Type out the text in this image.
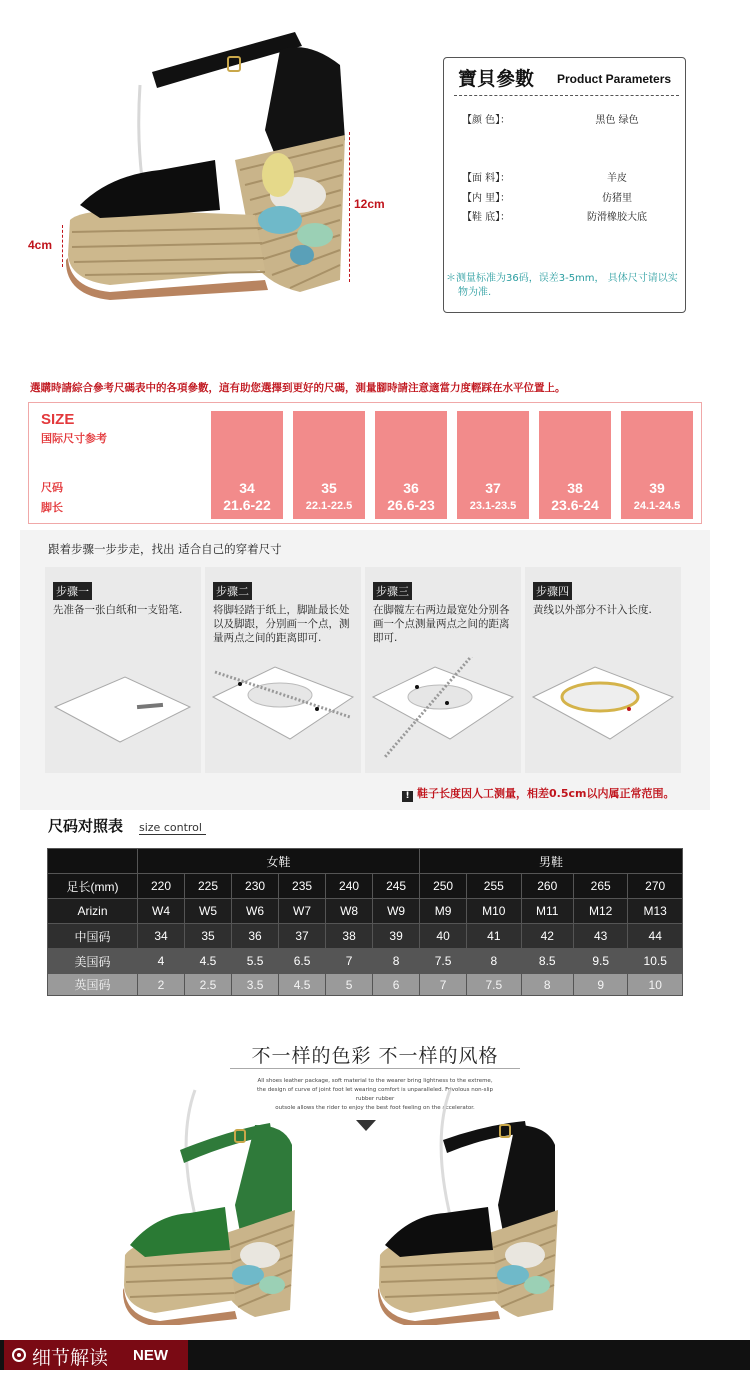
4cm
12cm
寶貝參數 Product Parameters
【颜 色】：	黑色 绿色
【面 料】：	羊皮
【内 里】：	仿猪里
【鞋 底】：	防滑橡胶大底
＊测量标准为36码，误差3-5mm， 具体尺寸请以实
物为准.
選購時請綜合參考尺碼表中的各項參數，這有助您選擇到更好的尺碼，測量腳時請注意適當力度輕踩在水平位置上。
SIZE
国际尺寸参考
尺码
脚长
34
21.6-22
35
22.1-22.5
36
26.6-23
37
23.1-23.5
38
23.6-24
39
24.1-24.5
跟着步骤一步步走，找出 适合自己的穿着尺寸
步骤一
先准备一张白纸和一支铅笔.
步骤二
将脚轻踏于纸上，脚趾最长处以及脚跟，分别画一个点，测量两点之间的距离即可.
步骤三
在脚髋左右两边最宽处分别各画一个点测量两点之间的距离即可.
步骤四
黄线以外部分不计入长度.
! 鞋子长度因人工测量，相差0.5cm以内属正常范围。
尺码对照表 size control
	女鞋						男鞋				
足长(mm)	220	225	230	235	240	245	250	255	260	265	270
Arizin	W4	W5	W6	W7	W8	W9	M9	M10	M11	M12	M13
中国码	34	35	36	37	38	39	40	41	42	43	44
美国码	4	4.5	5.5	6.5	7	8	7.5	8	8.5	9.5	10.5
英国码	2	2.5	3.5	4.5	5	6	7	7.5	8	9	10
不一样的色彩 不一样的风格
All shoes leather package, soft material to the wearer bring lightness to the extreme,
the design of curve of joint foot let wearing comfort is unparalleled. Frivolous non-slip rubber rubber
outsole allows the rider to enjoy the best foot feeling on the accelerator.
细节解读 NEW
